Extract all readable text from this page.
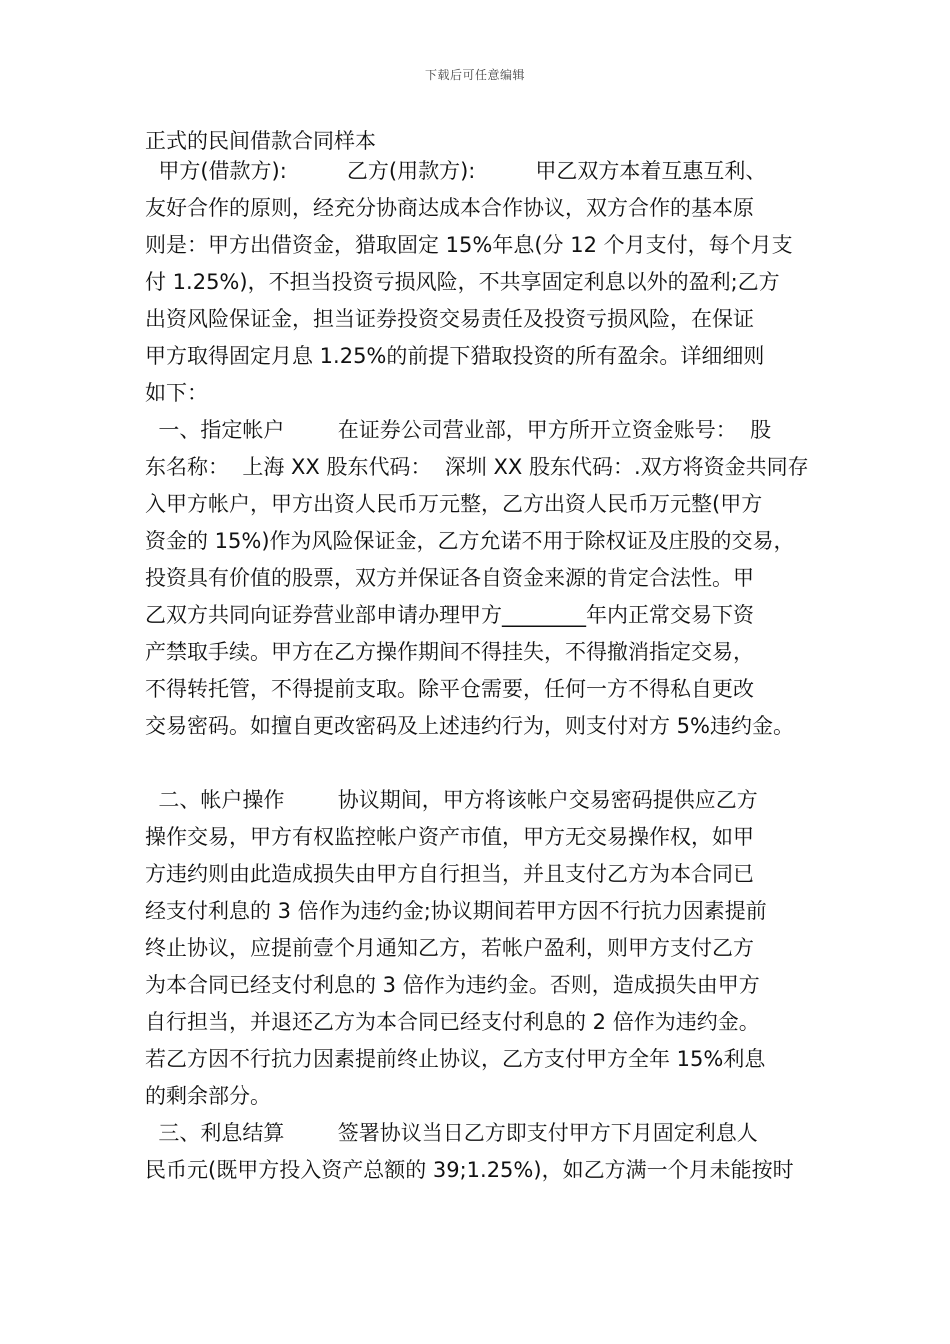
下载后可任意编辑
正式的民间借款合同样本
甲方(借款方):         乙方(用款方):         甲乙双方本着互惠互利、
友好合作的原则，经充分协商达成本合作协议，双方合作的基本原
则是：甲方出借资金，猎取固定 15%年息(分 12 个月支付，每个月支
付 1.25%)，不担当投资亏损风险，不共享固定利息以外的盈利;乙方
出资风险保证金，担当证券投资交易责任及投资亏损风险，在保证
甲方取得固定月息 1.25%的前提下猎取投资的所有盈余。详细细则
如下：
一、指定帐户        在证券公司营业部，甲方所开立资金账号：  股
东名称：  上海 XX 股东代码：  深圳 XX 股东代码：.双方将资金共同存
入甲方帐户，甲方出资人民币万元整，乙方出资人民币万元整(甲方
资金的 15%)作为风险保证金，乙方允诺不用于除权证及庄股的交易，
投资具有价值的股票，双方并保证各自资金来源的肯定合法性。甲
乙双方共同向证券营业部申请办理甲方________年内正常交易下资
产禁取手续。甲方在乙方操作期间不得挂失，不得撤消指定交易，
不得转托管，不得提前支取。除平仓需要，任何一方不得私自更改
交易密码。如擅自更改密码及上述违约行为，则支付对方 5%违约金。
二、帐户操作        协议期间，甲方将该帐户交易密码提供应乙方
操作交易，甲方有权监控帐户资产市值，甲方无交易操作权，如甲
方违约则由此造成损失由甲方自行担当，并且支付乙方为本合同已
经支付利息的 3 倍作为违约金;协议期间若甲方因不行抗力因素提前
终止协议，应提前壹个月通知乙方，若帐户盈利，则甲方支付乙方
为本合同已经支付利息的 3 倍作为违约金。否则，造成损失由甲方
自行担当，并退还乙方为本合同已经支付利息的 2 倍作为违约金。
若乙方因不行抗力因素提前终止协议，乙方支付甲方全年 15%利息
的剩余部分。
三、利息结算        签署协议当日乙方即支付甲方下月固定利息人
民币元(既甲方投入资产总额的 39;1.25%)，如乙方满一个月未能按时
